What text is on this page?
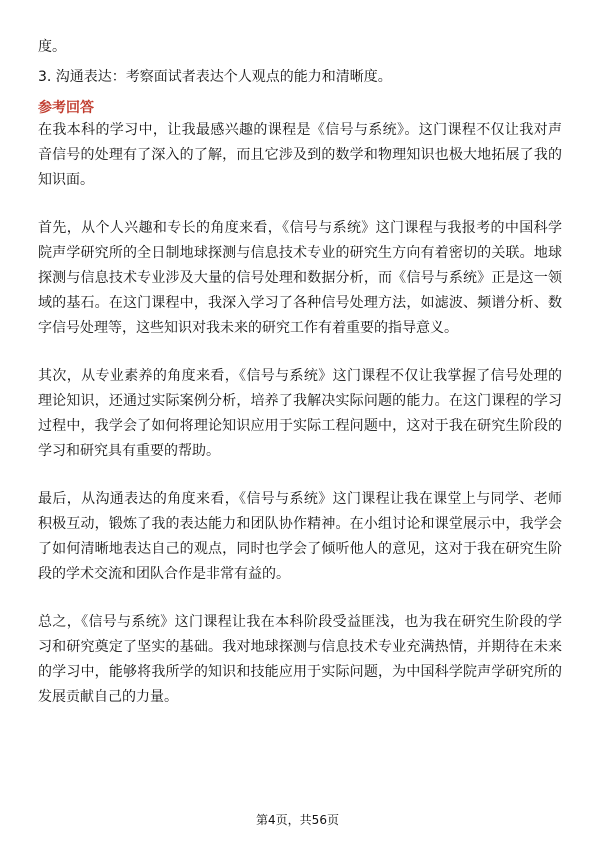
度。

3. 沟通表达：考察面试者表达个人观点的能力和清晰度。

参考回答

在我本科的学习中，让我最感兴趣的课程是《信号与系统》。这门课程不仅让我对声音信号的处理有了深入的了解，而且它涉及到的数学和物理知识也极大地拓展了我的知识面。

首先，从个人兴趣和专长的角度来看，《信号与系统》这门课程与我报考的中国科学院声学研究所的全日制地球探测与信息技术专业的研究生方向有着密切的关联。地球探测与信息技术专业涉及大量的信号处理和数据分析，而《信号与系统》正是这一领域的基石。在这门课程中，我深入学习了各种信号处理方法，如滤波、频谱分析、数字信号处理等，这些知识对我未来的研究工作有着重要的指导意义。

其次，从专业素养的角度来看，《信号与系统》这门课程不仅让我掌握了信号处理的理论知识，还通过实际案例分析，培养了我解决实际问题的能力。在这门课程的学习过程中，我学会了如何将理论知识应用于实际工程问题中，这对于我在研究生阶段的学习和研究具有重要的帮助。

最后，从沟通表达的角度来看，《信号与系统》这门课程让我在课堂上与同学、老师积极互动，锻炼了我的表达能力和团队协作精神。在小组讨论和课堂展示中，我学会了如何清晰地表达自己的观点，同时也学会了倾听他人的意见，这对于我在研究生阶段的学术交流和团队合作是非常有益的。

总之，《信号与系统》这门课程让我在本科阶段受益匪浅，也为我在研究生阶段的学习和研究奠定了坚实的基础。我对地球探测与信息技术专业充满热情，并期待在未来的学习中，能够将我所学的知识和技能应用于实际问题，为中国科学院声学研究所的发展贡献自己的力量。

第4页，共56页
